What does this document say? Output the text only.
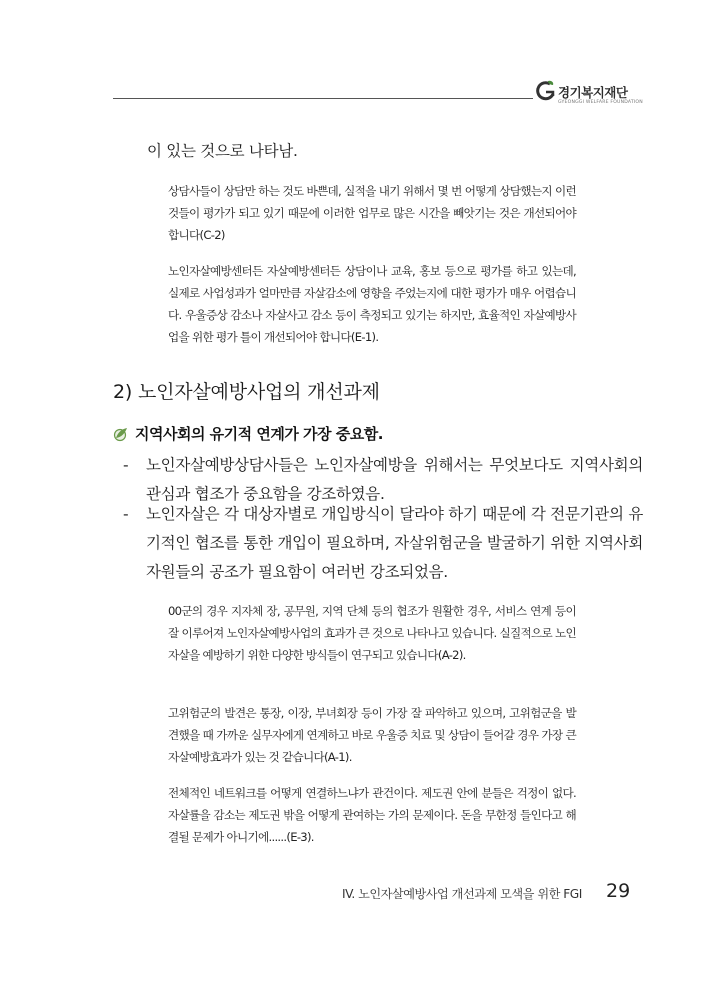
경기복지재단
GYEONGGI WELFARE FOUNDATION
이 있는 것으로 나타남.
상담사들이 상담만 하는 것도 바쁜데, 실적을 내기 위해서 몇 번 어떻게 상담했는지 이런 것들이 평가가 되고 있기 때문에 이러한 업무로 많은 시간을 빼앗기는 것은 개선되어야 합니다(C-2)
노인자살예방센터든 자살예방센터든 상담이나 교육, 홍보 등으로 평가를 하고 있는데, 실제로 사업성과가 얼마만큼 자살감소에 영향을 주었는지에 대한 평가가 매우 어렵습니다. 우울증상 감소나 자살사고 감소 등이 측정되고 있기는 하지만, 효율적인 자살예방사업을 위한 평가 틀이 개선되어야 합니다(E-1).
2) 노인자살예방사업의 개선과제
지역사회의 유기적 연계가 가장 중요함.
-	노인자살예방상담사들은 노인자살예방을 위해서는 무엇보다도 지역사회의 관심과 협조가 중요함을 강조하였음.
-	노인자살은 각 대상자별로 개입방식이 달라야 하기 때문에 각 전문기관의 유기적인 협조를 통한 개입이 필요하며, 자살위험군을 발굴하기 위한 지역사회자원들의 공조가 필요함이 여러번 강조되었음.
00군의 경우 지자체 장, 공무원, 지역 단체 등의 협조가 원활한 경우, 서비스 연계 등이 잘 이루어져 노인자살예방사업의 효과가 큰 것으로 나타나고 있습니다. 실질적으로 노인자살을 예방하기 위한 다양한 방식들이 연구되고 있습니다(A-2).
고위험군의 발견은 통장, 이장, 부녀회장 등이 가장 잘 파악하고 있으며, 고위험군을 발견했을 때 가까운 실무자에게 연계하고 바로 우울증 치료 및 상담이 들어갈 경우 가장 큰 자살예방효과가 있는 것 같습니다(A-1).
전체적인 네트워크를 어떻게 연결하느냐가 관건이다. 제도권 안에 분들은 걱정이 없다. 자살률을 감소는 제도권 밖을 어떻게 관여하는 가의 문제이다. 돈을 무한정 들인다고 해결될 문제가 아니기에......(E-3).
IV. 노인자살예방사업 개선과제 모색을 위한 FGI 29
